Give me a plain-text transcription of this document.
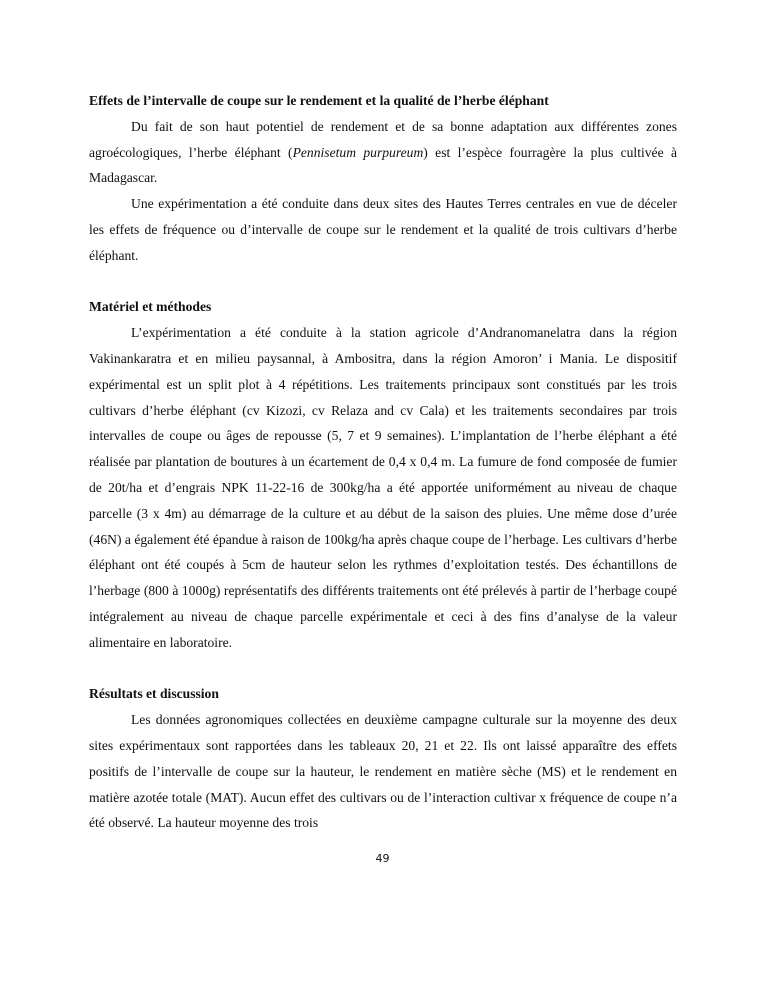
Effets de l’intervalle de coupe sur le rendement et la qualité de l’herbe éléphant

Du fait de son haut potentiel de rendement et de sa bonne adaptation aux différentes zones agroécologiques, l’herbe éléphant (Pennisetum purpureum) est l’espèce fourragère la plus cultivée à Madagascar.

Une expérimentation a été conduite dans deux sites des Hautes Terres centrales en vue de déceler les effets de fréquence ou d’intervalle de coupe sur le rendement et la qualité de trois cultivars d’herbe éléphant.

Matériel et méthodes

L’expérimentation a été conduite à la station agricole d’Andranomanelatra dans la région Vakinankaratra et en milieu paysannal, à Ambositra, dans la région Amoron’ i Mania. Le dispositif expérimental est un split plot à 4 répétitions. Les traitements principaux sont constitués par les trois cultivars d’herbe éléphant (cv Kizozi, cv Relaza and cv Cala) et les traitements secondaires par trois intervalles de coupe ou âges de repousse (5, 7 et 9 semaines). L’implantation de l’herbe éléphant a été réalisée par plantation de boutures à un écartement de 0,4 x 0,4 m. La fumure de fond composée de fumier de 20t/ha et d’engrais NPK 11-22-16 de 300kg/ha a été apportée uniformément au niveau de chaque parcelle (3 x 4m) au démarrage de la culture et au début de la saison des pluies. Une même dose d’urée (46N) a également été épandue à raison de 100kg/ha après chaque coupe de l’herbage. Les cultivars d’herbe éléphant ont été coupés à 5cm de hauteur selon les rythmes d’exploitation testés. Des échantillons de l’herbage (800 à 1000g) représentatifs des différents traitements ont été prélevés à partir de l’herbage coupé intégralement au niveau de chaque parcelle expérimentale et ceci à des fins d’analyse de la valeur alimentaire en laboratoire.

Résultats et discussion

Les données agronomiques collectées en deuxième campagne culturale sur la moyenne des deux sites expérimentaux sont rapportées dans les tableaux 20, 21 et 22. Ils ont laissé apparaître des effets positifs de l’intervalle de coupe sur la hauteur, le rendement en matière sèche (MS) et le rendement en matière azotée totale (MAT). Aucun effet des cultivars ou de l’interaction cultivar x fréquence de coupe n’a été observé. La hauteur moyenne des trois

49
